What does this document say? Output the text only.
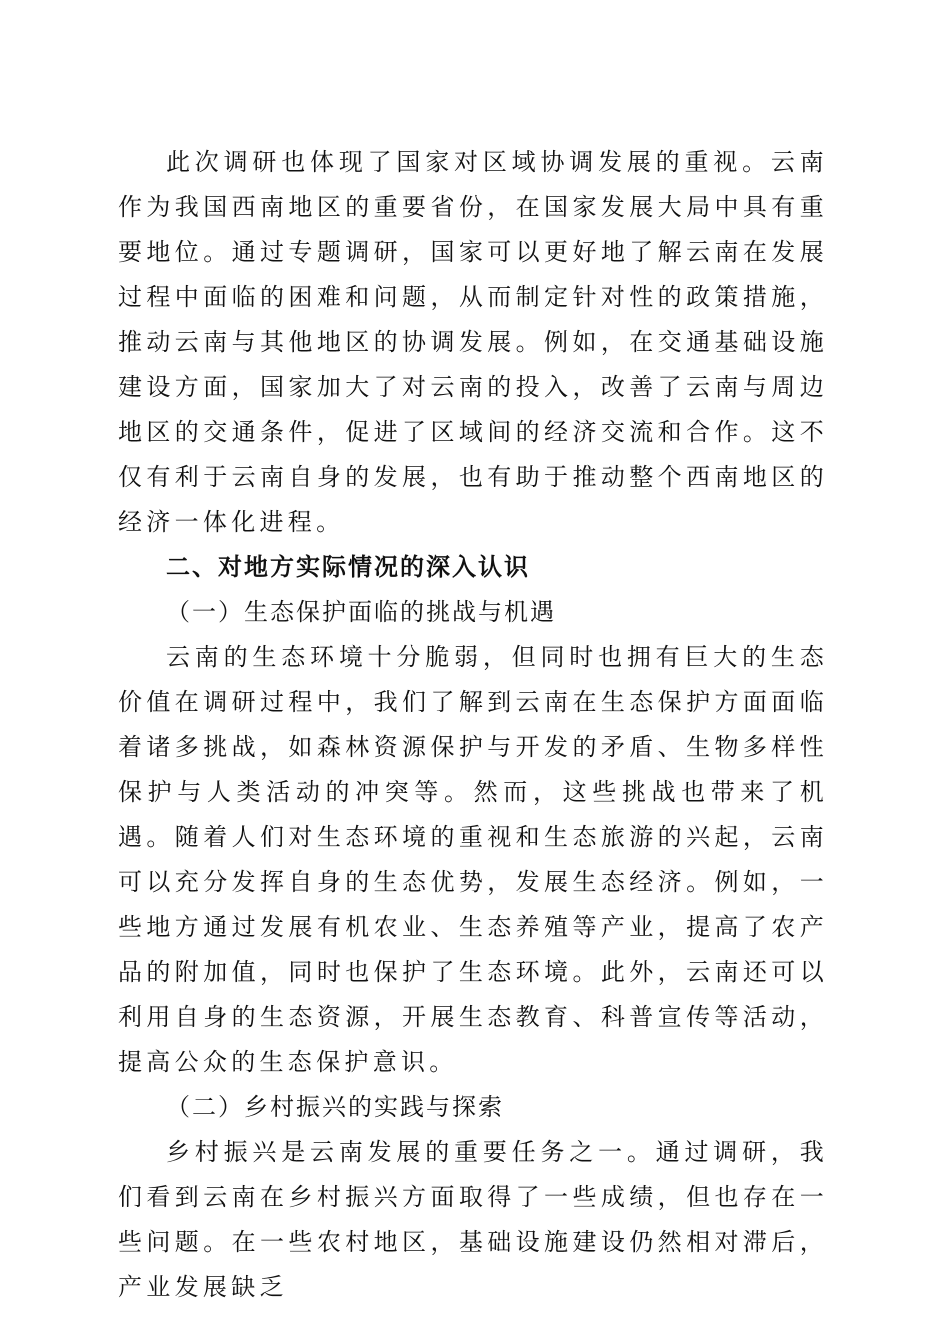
此次调研也体现了国家对区域协调发展的重视。云南作为我国西南地区的重要省份，在国家发展大局中具有重要地位。通过专题调研，国家可以更好地了解云南在发展过程中面临的困难和问题，从而制定针对性的政策措施，推动云南与其他地区的协调发展。例如，在交通基础设施建设方面，国家加大了对云南的投入，改善了云南与周边地区的交通条件，促进了区域间的经济交流和合作。这不仅有利于云南自身的发展，也有助于推动整个西南地区的经济一体化进程。

二、对地方实际情况的深入认识

（一）生态保护面临的挑战与机遇

云南的生态环境十分脆弱，但同时也拥有巨大的生态价值在调研过程中，我们了解到云南在生态保护方面面临着诸多挑战，如森林资源保护与开发的矛盾、生物多样性保护与人类活动的冲突等。然而，这些挑战也带来了机遇。随着人们对生态环境的重视和生态旅游的兴起，云南可以充分发挥自身的生态优势，发展生态经济。例如，一些地方通过发展有机农业、生态养殖等产业，提高了农产品的附加值，同时也保护了生态环境。此外，云南还可以利用自身的生态资源，开展生态教育、科普宣传等活动，提高公众的生态保护意识。

（二）乡村振兴的实践与探索

乡村振兴是云南发展的重要任务之一。通过调研，我们看到云南在乡村振兴方面取得了一些成绩，但也存在一些问题。在一些农村地区，基础设施建设仍然相对滞后，产业发展缺乏
